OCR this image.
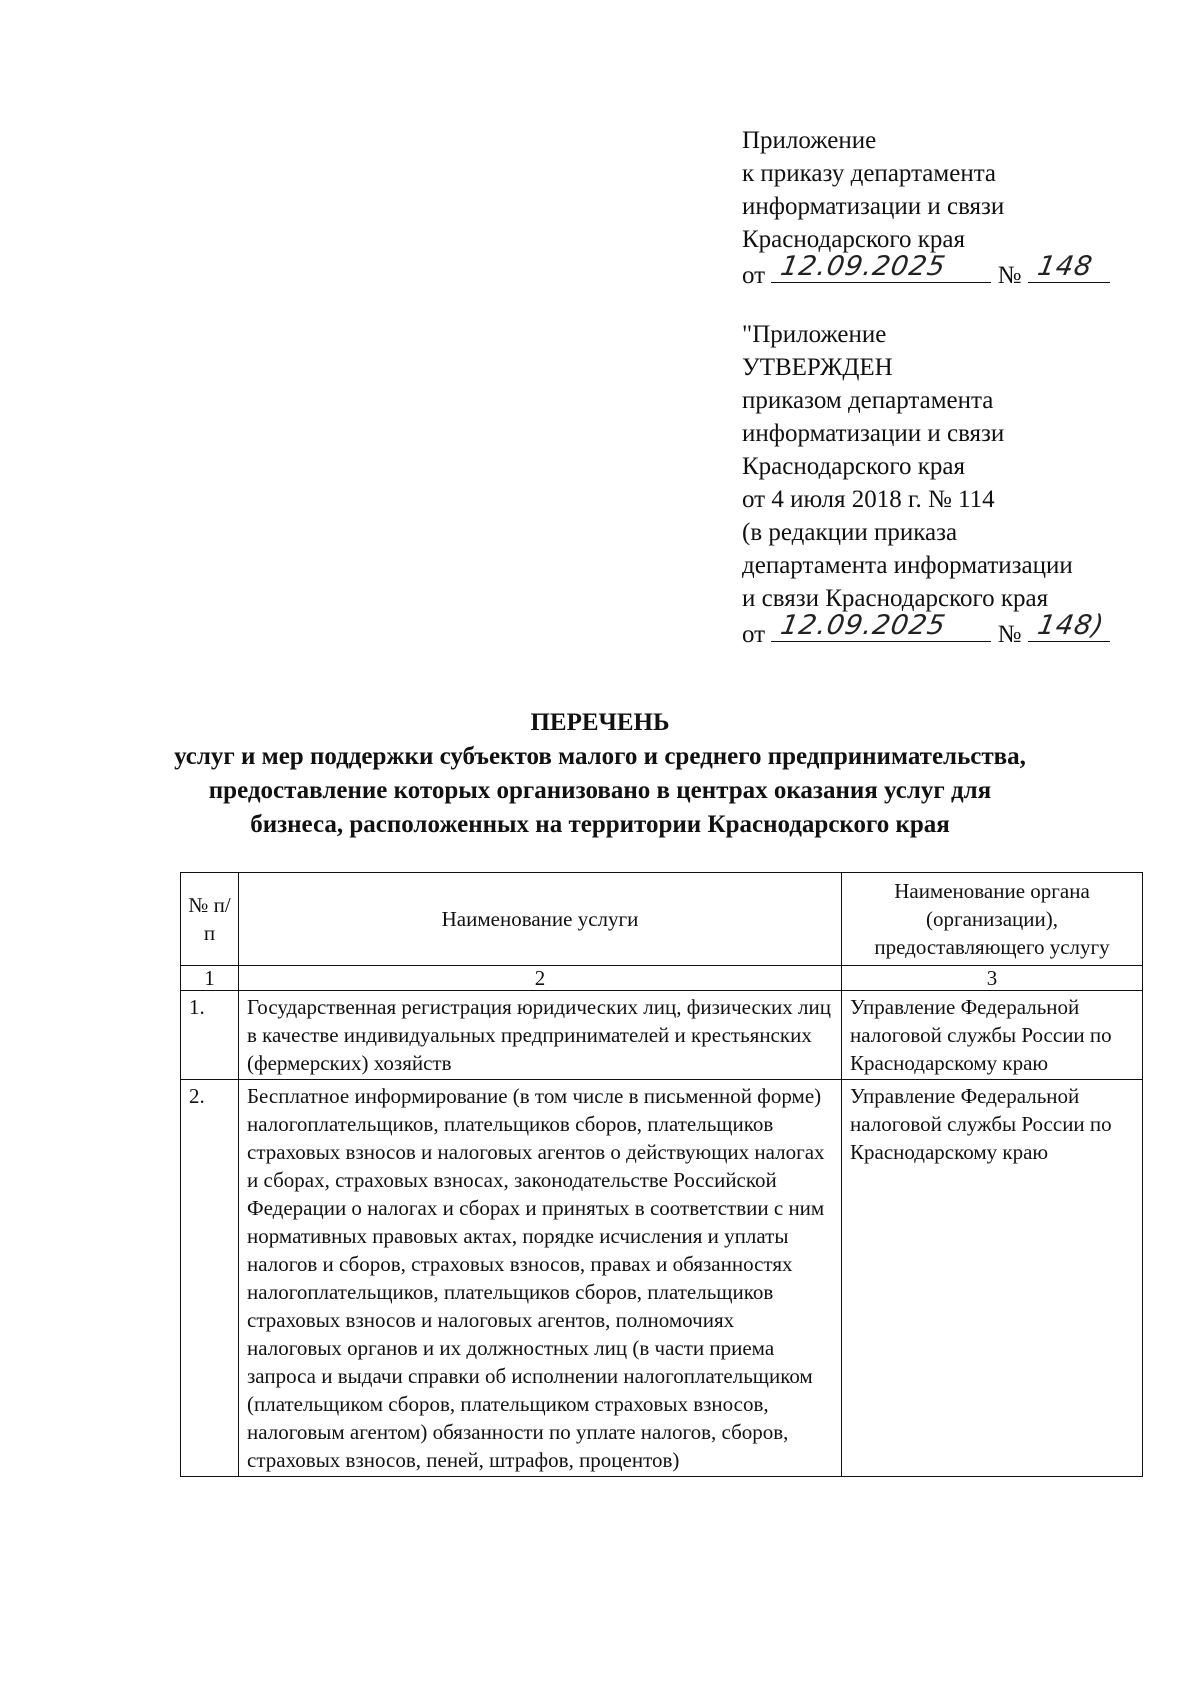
Приложение
к приказу департамента
информатизации и связи
Краснодарского края
от 12.09.2025 № 148
"Приложение
УТВЕРЖДЕН
приказом департамента
информатизации и связи
Краснодарского края
от 4 июля 2018 г. № 114
(в редакции приказа
департамента информатизации
и связи Краснодарского края
от 12.09.2025 № 148)
ПЕРЕЧЕНЬ
услуг и мер поддержки субъектов малого и среднего предпринимательства,
предоставление которых организовано в центрах оказания услуг для
бизнеса, расположенных на территории Краснодарского края
№ п/п	Наименование услуги	Наименование органа (организации), предоставляющего услугу
1	2	3
1.	Государственная регистрация юридических лиц, физических лиц в качестве индивидуальных предпринимателей и крестьянских (фермерских) хозяйств	Управление Федеральной налоговой службы России по Краснодарскому краю
2.	Бесплатное информирование (в том числе в письменной форме) налогоплательщиков, плательщиков сборов, плательщиков страховых взносов и налоговых агентов о действующих налогах и сборах, страховых взносах, законодательстве Российской Федерации о налогах и сборах и принятых в соответствии с ним нормативных правовых актах, порядке исчисления и уплаты налогов и сборов, страховых взносов, правах и обязанностях налогоплательщиков, плательщиков сборов, плательщиков страховых взносов и налоговых агентов, полномочиях налоговых органов и их должностных лиц (в части приема запроса и выдачи справки об исполнении налогоплательщиком (плательщиком сборов, плательщиком страховых взносов, налоговым агентом) обязанности по уплате налогов, сборов, страховых взносов, пеней, штрафов, процентов)	Управление Федеральной налоговой службы России по Краснодарскому краю
